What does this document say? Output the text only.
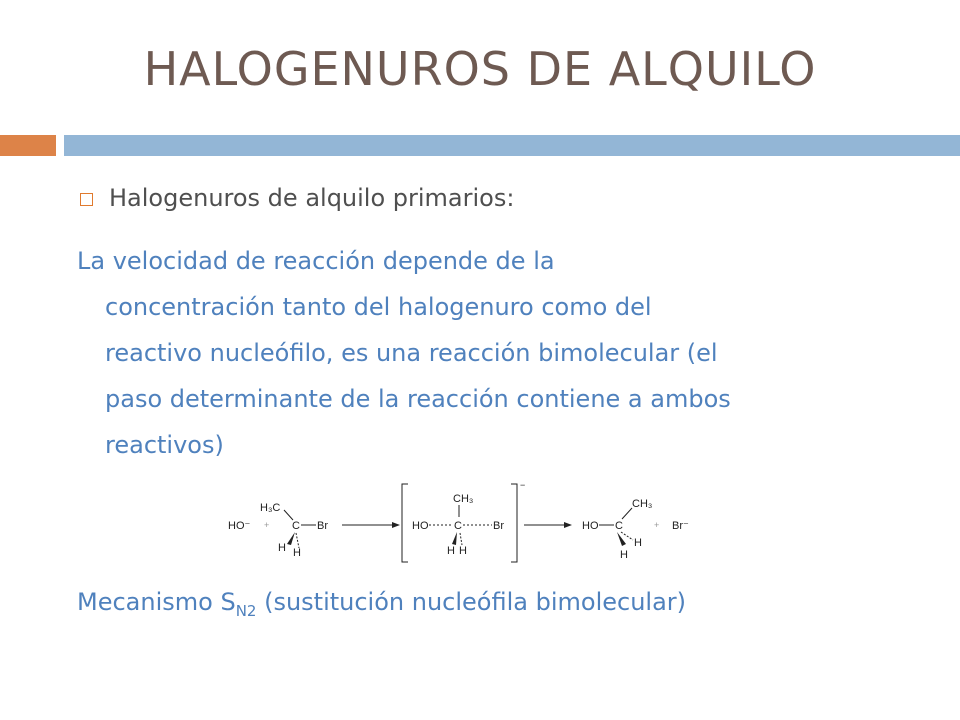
HALOGENUROS DE ALQUILO
Halogenuros de alquilo primarios:
La velocidad de reacción depende de la
concentración tanto del halogenuro como del
reactivo nucleófilo, es una reacción bimolecular (el
paso determinante de la reacción contiene a ambos
reactivos)
HO⁻ +
H₃C
C Br
H H
−
CH₃
HO C	Br
H H
HO C
CH₃
H
H
+ Br⁻
Mecanismo $S_{N2}$ (sustitución nucleófila bimolecular)
